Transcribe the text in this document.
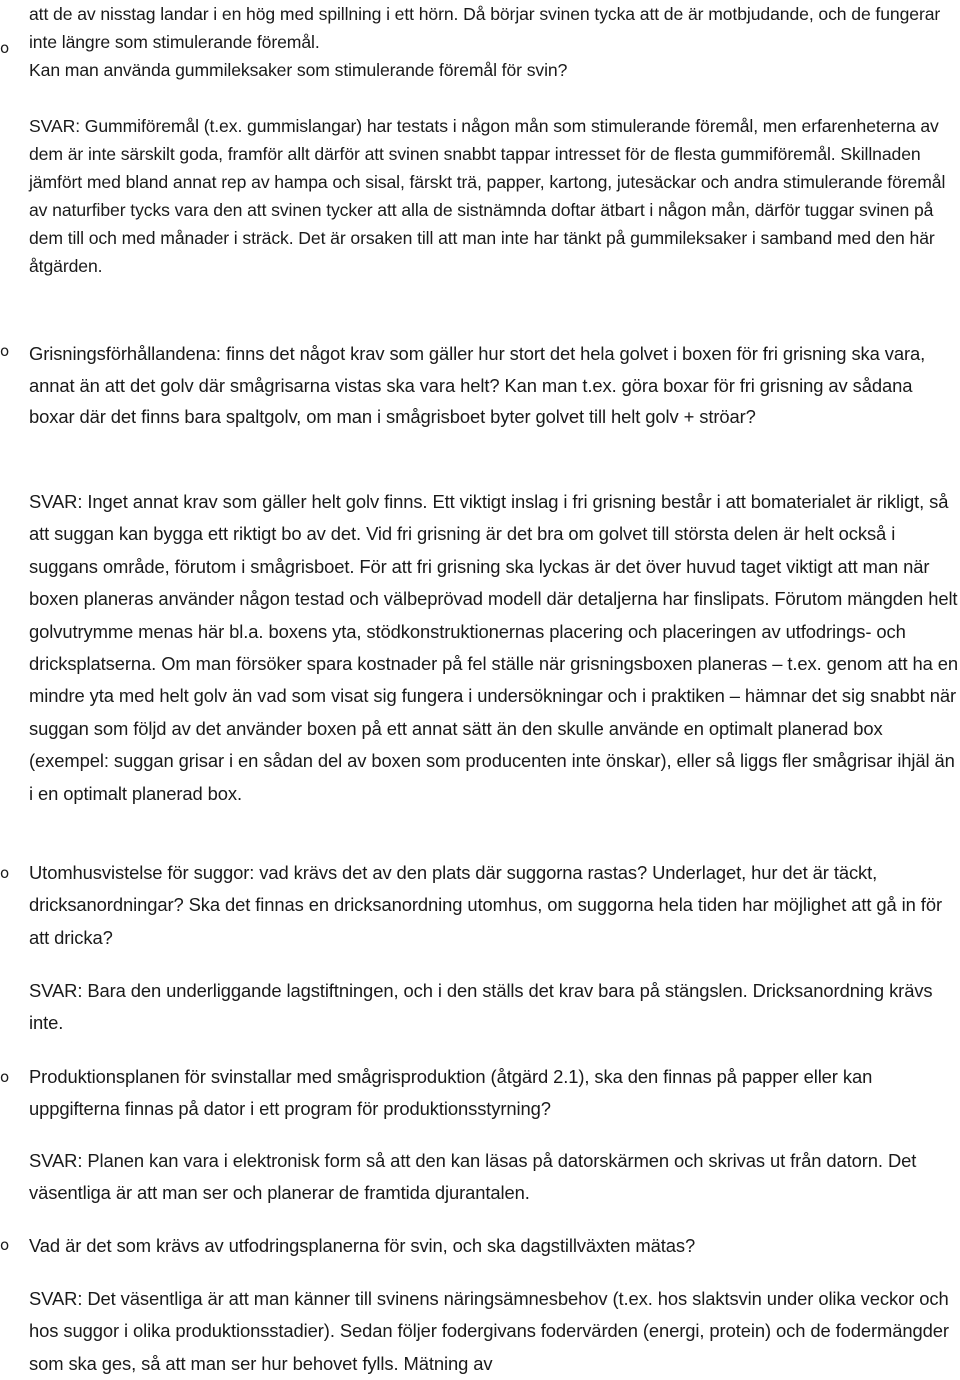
att de av nisstag landar i en hög med spillning i ett hörn. Då börjar svinen tycka att de är motbjudande, och de fungerar inte längre som stimulerande föremål.

o

Kan man använda gummileksaker som stimulerande föremål för svin?

SVAR: Gummiföremål (t.ex. gummislangar) har testats i någon mån som stimulerande föremål, men erfarenheterna av dem är inte särskilt goda, framför allt därför att svinen snabbt tappar intresset för de flesta gummiföremål. Skillnaden jämfört med bland annat rep av hampa och sisal, färskt trä, papper, kartong, jutesäckar och andra stimulerande föremål av naturfiber tycks vara den att svinen tycker att alla de sistnämnda doftar ätbart i någon mån, därför tuggar svinen på dem till och med månader i sträck. Det är orsaken till att man inte har tänkt på gummileksaker i samband med den här åtgärden.

o Grisningsförhållandena: finns det något krav som gäller hur stort det hela golvet i boxen för fri grisning ska vara, annat än att det golv där smågrisarna vistas ska vara helt? Kan man t.ex. göra boxar för fri grisning av sådana boxar där det finns bara spaltgolv, om man i smågrisboet byter golvet till helt golv + ströar?

SVAR: Inget annat krav som gäller helt golv finns. Ett viktigt inslag i fri grisning består i att bomaterialet är rikligt, så att suggan kan bygga ett riktigt bo av det. Vid fri grisning är det bra om golvet till största delen är helt också i suggans område, förutom i smågrisboet. För att fri grisning ska lyckas är det över huvud taget viktigt att man när boxen planeras använder någon testad och välbeprövad modell där detaljerna har finslipats. Förutom mängden helt golvutrymme menas här bl.a. boxens yta, stödkonstruktionernas placering och placeringen av utfodrings- och dricksplatserna. Om man försöker spara kostnader på fel ställe när grisningsboxen planeras – t.ex. genom att ha en mindre yta med helt golv än vad som visat sig fungera i undersökningar och i praktiken – hämnar det sig snabbt när suggan som följd av det använder boxen på ett annat sätt än den skulle använde en optimalt planerad box (exempel: suggan grisar i en sådan del av boxen som producenten inte önskar), eller så liggs fler smågrisar ihjäl än i en optimalt planerad box.

o Utomhusvistelse för suggor: vad krävs det av den plats där suggorna rastas? Underlaget, hur det är täckt, dricksanordningar? Ska det finnas en dricksanordning utomhus, om suggorna hela tiden har möjlighet att gå in för att dricka?

SVAR: Bara den underliggande lagstiftningen, och i den ställs det krav bara på stängslen. Dricksanordning krävs inte.

o Produktionsplanen för svinstallar med smågrisproduktion (åtgärd 2.1), ska den finnas på papper eller kan uppgifterna finnas på dator i ett program för produktionsstyrning?

SVAR: Planen kan vara i elektronisk form så att den kan läsas på datorskärmen och skrivas ut från datorn. Det väsentliga är att man ser och planerar de framtida djurantalen.

o Vad är det som krävs av utfodringsplanerna för svin, och ska dagstillväxten mätas?

SVAR: Det väsentliga är att man känner till svinens näringsämnesbehov (t.ex. hos slaktsvin under olika veckor och hos suggor i olika produktionsstadier). Sedan följer fodergivans fodervärden (energi, protein) och de fodermängder som ska ges, så att man ser hur behovet fylls. Mätning av
